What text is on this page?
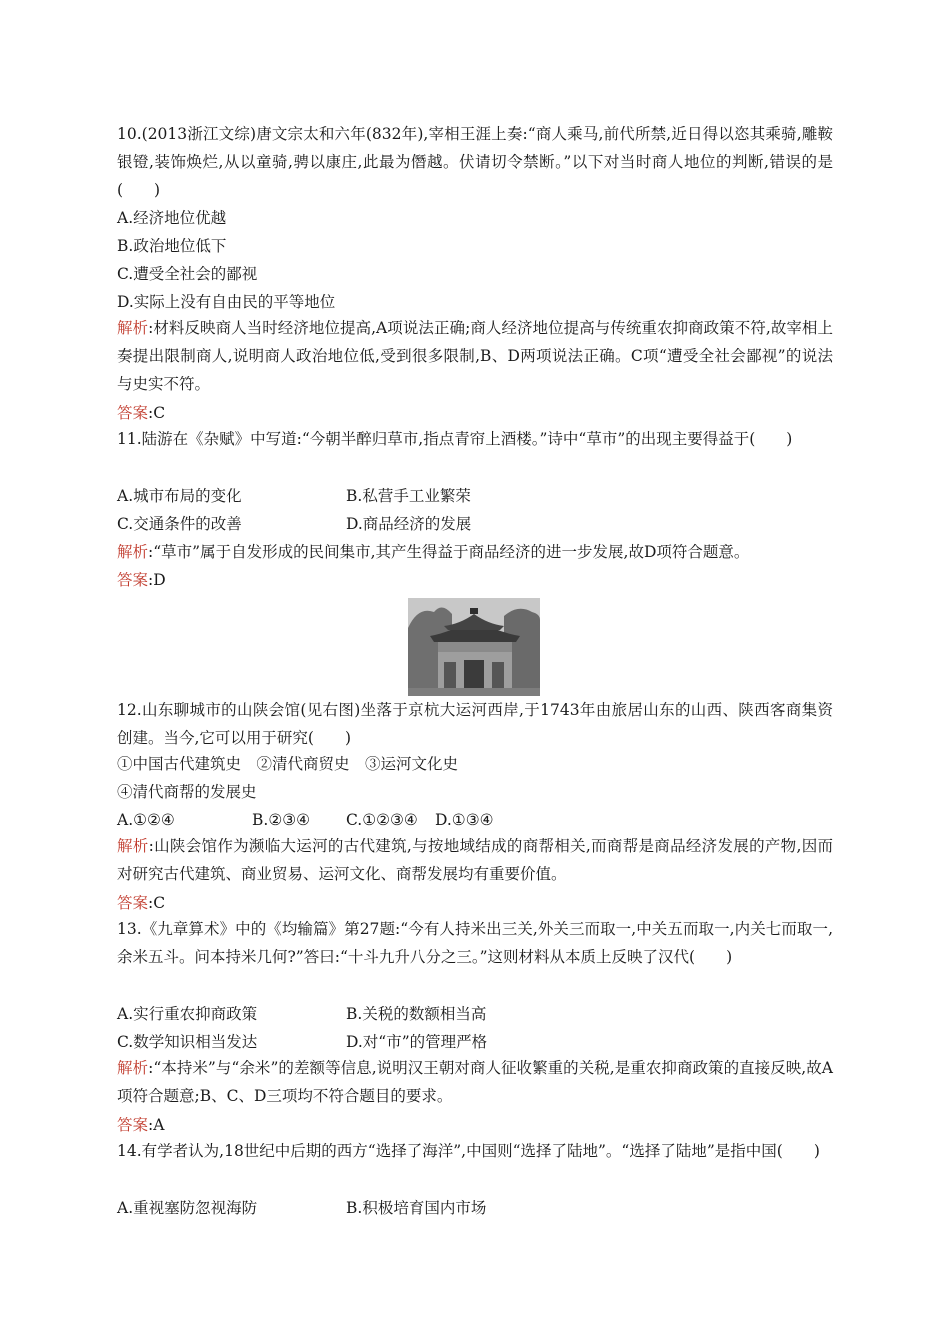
10.(2013浙江文综)唐文宗太和六年(832年),宰相王涯上奏:“商人乘马,前代所禁,近日得以恣其乘骑,雕鞍银镫,装饰焕烂,从以童骑,骋以康庄,此最为僭越。伏请切令禁断。”以下对当时商人地位的判断,错误的是(　　)
A.经济地位优越
B.政治地位低下
C.遭受全社会的鄙视
D.实际上没有自由民的平等地位
解析:材料反映商人当时经济地位提高,A项说法正确;商人经济地位提高与传统重农抑商政策不符,故宰相上奏提出限制商人,说明商人政治地位低,受到很多限制,B、D两项说法正确。C项“遭受全社会鄙视”的说法与史实不符。
答案:C
11.陆游在《杂赋》中写道:“今朝半醉归草市,指点青帘上酒楼。”诗中“草市”的出现主要得益于(　　)
A.城市布局的变化	B.私营手工业繁荣
C.交通条件的改善	D.商品经济的发展
解析:“草市”属于自发形成的民间集市,其产生得益于商品经济的进一步发展,故D项符合题意。
答案:D
12.山东聊城市的山陕会馆(见右图)坐落于京杭大运河西岸,于1743年由旅居山东的山西、陕西客商集资创建。当今,它可以用于研究(　　)
①中国古代建筑史　②清代商贸史　③运河文化史
④清代商帮的发展史
A.①②④	B.②③④ C.①②③④ D.①③④
解析:山陕会馆作为濒临大运河的古代建筑,与按地域结成的商帮相关,而商帮是商品经济发展的产物,因而对研究古代建筑、商业贸易、运河文化、商帮发展均有重要价值。
答案:C
13.《九章算术》中的《均输篇》第27题:“今有人持米出三关,外关三而取一,中关五而取一,内关七而取一,余米五斗。问本持米几何?”答曰:“十斗九升八分之三。”这则材料从本质上反映了汉代(　　)
A.实行重农抑商政策	B.关税的数额相当高
C.数学知识相当发达	D.对“市”的管理严格
解析:“本持米”与“余米”的差额等信息,说明汉王朝对商人征收繁重的关税,是重农抑商政策的直接反映,故A项符合题意;B、C、D三项均不符合题目的要求。
答案:A
14.有学者认为,18世纪中后期的西方“选择了海洋”,中国则“选择了陆地”。“选择了陆地”是指中国(　　)
A.重视塞防忽视海防	B.积极培育国内市场
